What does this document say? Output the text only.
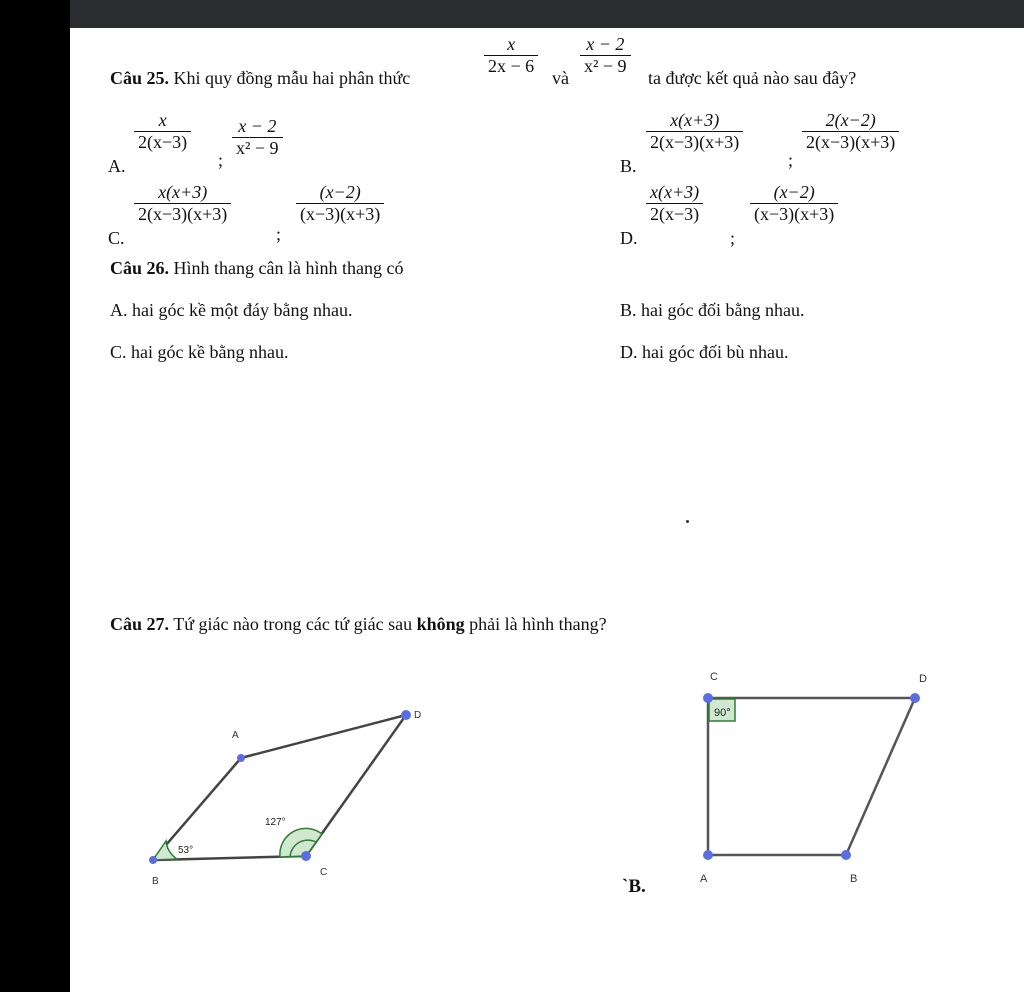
Câu 25. Khi quy đồng mẫu hai phân thức
$\frac{x}{2x - 6}$
và
$\frac{x - 2}{\text{x² − 9}}$
ta được kết quả nào sau đây?
A.
$\frac{x}{2(x-3)}$
;
$\frac{x - 2}{\text{x² − 9}}$
B.
$\frac{x(x+3)}{2(x-3)(x+3)}$
;
$\frac{2(x-2)}{2(x-3)(x+3)}$
C.
$\frac{x(x+3)}{2(x-3)(x+3)}$
;
$\frac{(x-2)}{(x-3)(x+3)}$
D.
$\frac{x(x+3)}{2(x-3)}$
;
$\frac{(x-2)}{(x-3)(x+3)}$
Câu 26. Hình thang cân là hình thang có
A. hai góc kề một đáy bằng nhau.	B. hai góc đối bằng nhau.
C. hai góc kề bằng nhau.	D. hai góc đối bù nhau.
Câu 27. Tứ giác nào trong các tứ giác sau không phải là hình thang?
A
D
C
B
127°
53°
90°
C	D
A	B
`B.
